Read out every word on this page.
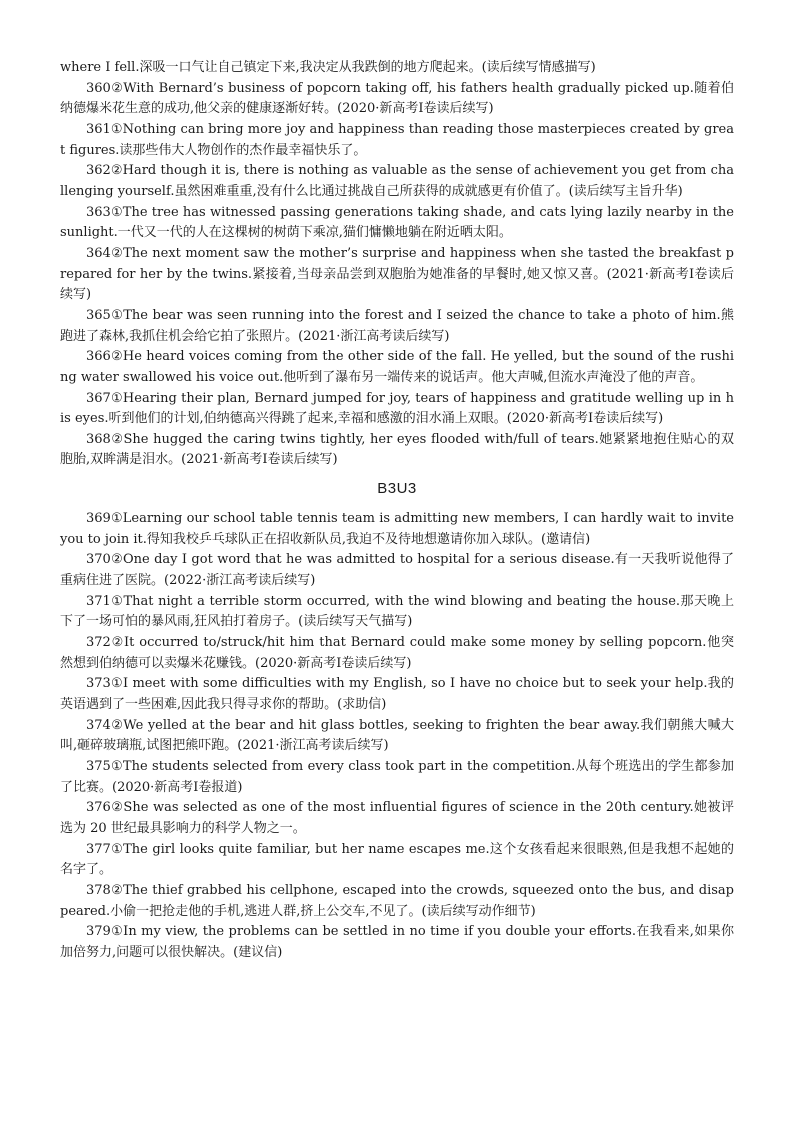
where I fell.深吸一口气让自己镇定下来,我决定从我跌倒的地方爬起来。(读后续写情感描写)

360②With Bernard’s business of popcorn taking off, his fathers health gradually picked up.随着伯纳德爆米花生意的成功,他父亲的健康逐渐好转。(2020·新高考Ⅰ卷读后续写)

361①Nothing can bring more joy and happiness than reading those masterpieces created by great figures.读那些伟大人物创作的杰作最幸福快乐了。

362②Hard though it is, there is nothing as valuable as the sense of achievement you get from challenging yourself.虽然困难重重,没有什么比通过挑战自己所获得的成就感更有价值了。(读后续写主旨升华)

363①The tree has witnessed passing generations taking shade, and cats lying lazily nearby in the sunlight.一代又一代的人在这棵树的树荫下乘凉,猫们慵懒地躺在附近晒太阳。

364②The next moment saw the mother’s surprise and happiness when she tasted the breakfast prepared for her by the twins.紧接着,当母亲品尝到双胞胎为她准备的早餐时,她又惊又喜。(2021·新高考Ⅰ卷读后续写)

365①The bear was seen running into the forest and I seized the chance to take a photo of him.熊跑进了森林,我抓住机会给它拍了张照片。(2021·浙江高考读后续写)

366②He heard voices coming from the other side of the fall. He yelled, but the sound of the rushing water swallowed his voice out.他听到了瀑布另一端传来的说话声。他大声喊,但流水声淹没了他的声音。

367①Hearing their plan, Bernard jumped for joy, tears of happiness and gratitude welling up in his eyes.听到他们的计划,伯纳德高兴得跳了起来,幸福和感激的泪水涌上双眼。(2020·新高考Ⅰ卷读后续写)

368②She hugged the caring twins tightly, her eyes flooded with/full of tears.她紧紧地抱住贴心的双胞胎,双眸满是泪水。(2021·新高考Ⅰ卷读后续写)

B3U3

369①Learning our school table tennis team is admitting new members, I can hardly wait to invite you to join it.得知我校乒乓球队正在招收新队员,我迫不及待地想邀请你加入球队。(邀请信)

370②One day I got word that he was admitted to hospital for a serious disease.有一天我听说他得了重病住进了医院。(2022·浙江高考读后续写)

371①That night a terrible storm occurred, with the wind blowing and beating the house.那天晚上下了一场可怕的暴风雨,狂风拍打着房子。(读后续写天气描写)

372②It occurred to/struck/hit him that Bernard could make some money by selling popcorn.他突然想到伯纳德可以卖爆米花赚钱。(2020·新高考Ⅰ卷读后续写)

373①I meet with some difficulties with my English, so I have no choice but to seek your help.我的英语遇到了一些困难,因此我只得寻求你的帮助。(求助信)

374②We yelled at the bear and hit glass bottles, seeking to frighten the bear away.我们朝熊大喊大叫,砸碎玻璃瓶,试图把熊吓跑。(2021·浙江高考读后续写)

375①The students selected from every class took part in the competition.从每个班选出的学生都参加了比赛。(2020·新高考Ⅰ卷报道)

376②She was selected as one of the most influential figures of science in the 20th century.她被评选为 20 世纪最具影响力的科学人物之一。

377①The girl looks quite familiar, but her name escapes me.这个女孩看起来很眼熟,但是我想不起她的名字了。

378②The thief grabbed his cellphone, escaped into the crowds, squeezed onto the bus, and disappeared.小偷一把抢走他的手机,逃进人群,挤上公交车,不见了。(读后续写动作细节)

379①In my view, the problems can be settled in no time if you double your efforts.在我看来,如果你加倍努力,问题可以很快解决。(建议信)
